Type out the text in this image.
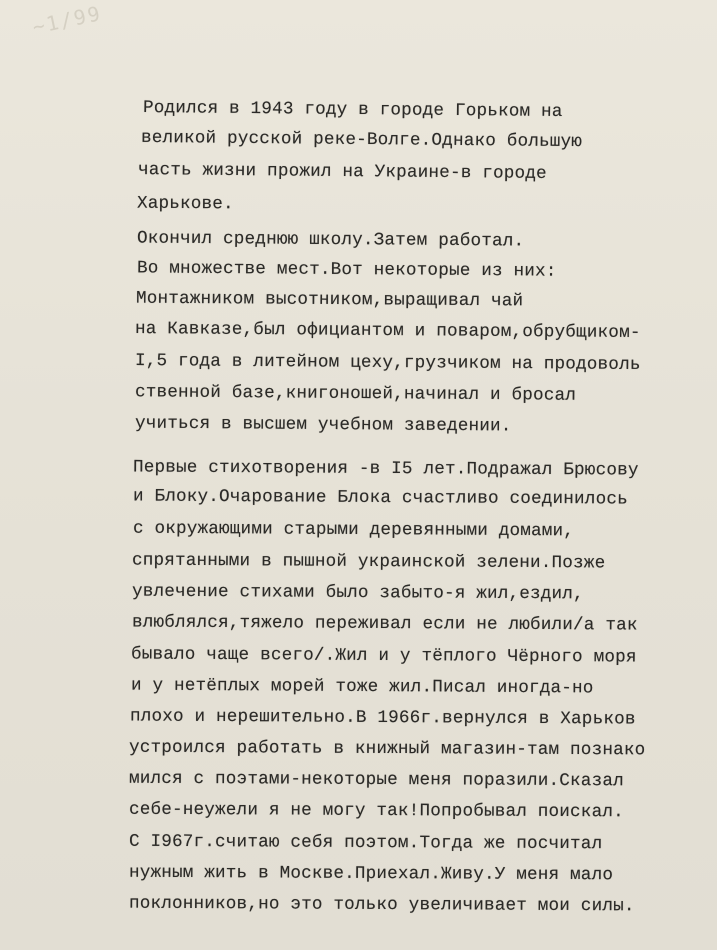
~1/99
Родился в 1943 году в городе Горьком на
великой русской реке-Волге.Однако большую
часть жизни прожил на Украине-в городе
Харькове.
Окончил среднюю школу.Затем работал.
Во множестве мест.Вот некоторые из них:
Монтажником высотником,выращивал чай
на Кавказе,был официантом и поваром,обрубщиком-
I,5 года в литейном цеху,грузчиком на продоволь
ственной базе,книгоношей,начинал и бросал
учиться в высшем учебном заведении.
Первые стихотворения -в I5 лет.Подражал Брюсову
и Блоку.Очарование Блока счастливо соединилось
с окружающими старыми деревянными домами,
спрятанными в пышной украинской зелени.Позже
увлечение стихами было забыто-я жил,ездил,
влюблялся,тяжело переживал если не любили/а так
бывало чаще всего/.Жил и у тёплого Чёрного моря
и у нетёплых морей тоже жил.Писал иногда-но
плохо и нерешительно.В 1966г.вернулся в Харьков
устроился работать в книжный магазин-там познако
мился с поэтами-некоторые меня поразили.Сказал
себе-неужели я не могу так!Попробывал поискал.
С I967г.считаю себя поэтом.Тогда же посчитал
нужным жить в Москве.Приехал.Живу.У меня мало
поклонников,но это только увеличивает мои силы.
